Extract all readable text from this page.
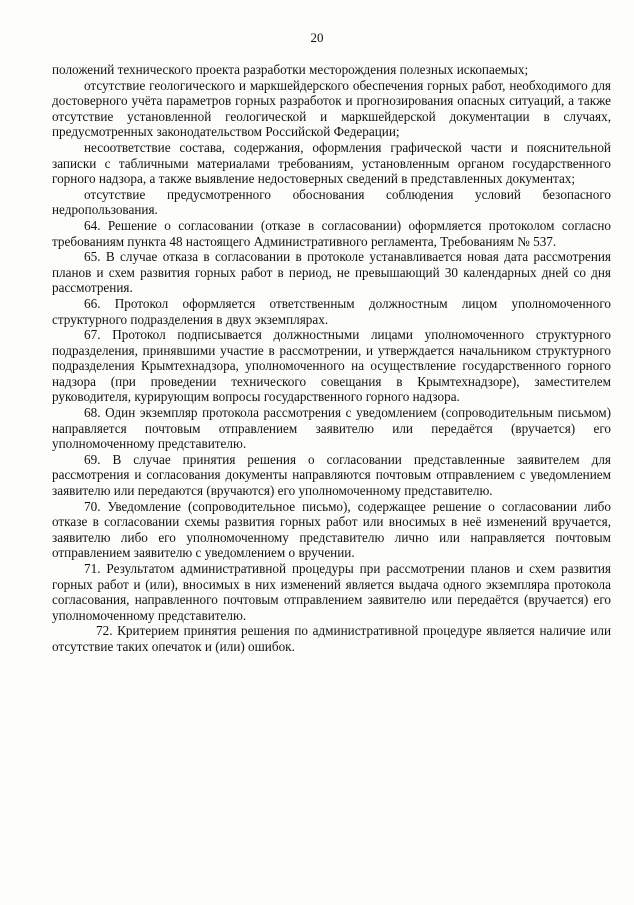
20

положений технического проекта разработки месторождения полезных ископаемых;

отсутствие геологического и маркшейдерского обеспечения горных работ, необходимого для достоверного учёта параметров горных разработок и прогнозирования опасных ситуаций, а также отсутствие установленной геологической и маркшейдерской документации в случаях, предусмотренных законодательством Российской Федерации;

несоответствие состава, содержания, оформления графической части и пояснительной записки с табличными материалами требованиям, установленным органом государственного горного надзора, а также выявление недостоверных сведений в представленных документах;

отсутствие предусмотренного обоснования соблюдения условий безопасного недропользования.

64. Решение о согласовании (отказе в согласовании) оформляется протоколом согласно требованиям пункта 48 настоящего Административного регламента, Требованиям № 537.

65. В случае отказа в согласовании в протоколе устанавливается новая дата рассмотрения планов и схем развития горных работ в период, не превышающий 30 календарных дней со дня рассмотрения.

66. Протокол оформляется ответственным должностным лицом уполномоченного структурного подразделения в двух экземплярах.

67. Протокол подписывается должностными лицами уполномоченного структурного подразделения, принявшими участие в рассмотрении, и утверждается начальником структурного подразделения Крымтехнадзора, уполномоченного на осуществление государственного горного надзора (при проведении технического совещания в Крымтехнадзоре), заместителем руководителя, курирующим вопросы государственного горного надзора.

68. Один экземпляр протокола рассмотрения с уведомлением (сопроводительным письмом) направляется почтовым отправлением заявителю или передаётся (вручается) его уполномоченному представителю.

69. В случае принятия решения о согласовании представленные заявителем для рассмотрения и согласования документы направляются почтовым отправлением с уведомлением заявителю или передаются (вручаются) его уполномоченному представителю.

70. Уведомление (сопроводительное письмо), содержащее решение о согласовании либо отказе в согласовании схемы развития горных работ или вносимых в неё изменений вручается, заявителю либо его уполномоченному представителю лично или направляется почтовым отправлением заявителю с уведомлением о вручении.

71. Результатом административной процедуры при рассмотрении планов и схем развития горных работ и (или), вносимых в них изменений является выдача одного экземпляра протокола согласования, направленного почтовым отправлением заявителю или передаётся (вручается) его уполномоченному представителю.

72. Критерием принятия решения по административной процедуре является наличие или отсутствие таких опечаток и (или) ошибок.
